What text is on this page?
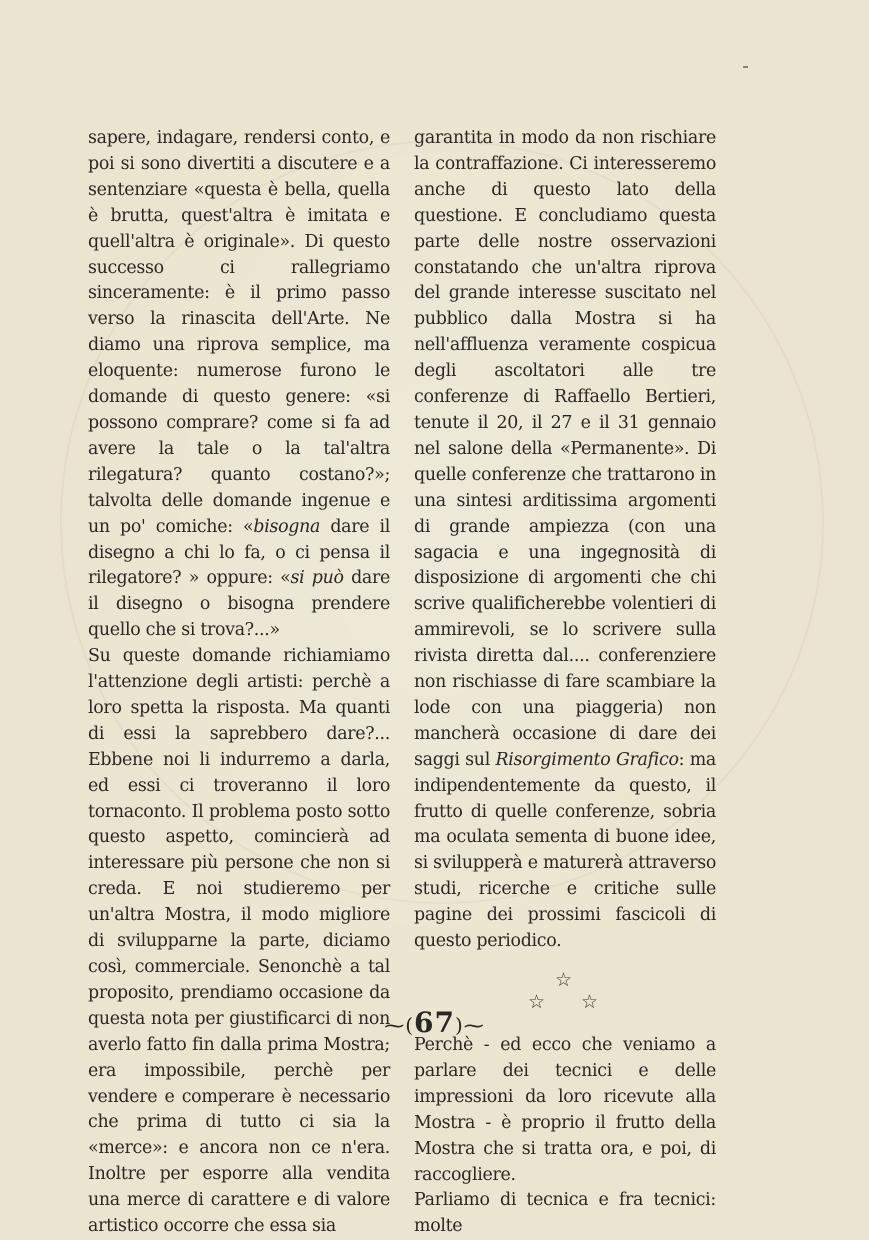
sapere, indagare, rendersi conto, e poi si sono divertiti a discutere e a sentenziare «questa è bella, quella è brutta, quest'altra è imitata e quell'altra è originale». Di questo successo ci rallegriamo sinceramente: è il primo passo verso la rinascita dell'Arte. Ne diamo una riprova semplice, ma eloquente: numerose furono le domande di questo genere: «si possono comprare? come si fa ad avere la tale o la tal'altra rilegatura? quanto costano?»; talvolta delle domande ingenue e un po' comiche: «bisogna dare il disegno a chi lo fa, o ci pensa il rilegatore? » oppure: «si può dare il disegno o bisogna prendere quello che si trova?...»

Su queste domande richiamiamo l'attenzione degli artisti: perchè a loro spetta la risposta. Ma quanti di essi la saprebbero dare?... Ebbene noi li indurremo a darla, ed essi ci troveranno il loro tornaconto. Il problema posto sotto questo aspetto, comincierà ad interessare più persone che non si creda. E noi studieremo per un'altra Mostra, il modo migliore di svilupparne la parte, diciamo così, commerciale. Senonchè a tal proposito, prendiamo occasione da questa nota per giustificarci di non averlo fatto fin dalla prima Mostra; era impossibile, perchè per vendere e comperare è necessario che prima di tutto ci sia la «merce»: e ancora non ce n'era. Inoltre per esporre alla vendita una merce di carattere e di valore artistico occorre che essa sia

garantita in modo da non rischiare la contraffazione. Ci interesseremo anche di questo lato della questione. E concludiamo questa parte delle nostre osservazioni constatando che un'altra riprova del grande interesse suscitato nel pubblico dalla Mostra si ha nell'affluenza veramente cospicua degli ascoltatori alle tre conferenze di Raffaello Bertieri, tenute il 20, il 27 e il 31 gennaio nel salone della «Permanente». Di quelle conferenze che trattarono in una sintesi arditissima argomenti di grande ampiezza (con una sagacia e una ingegnosità di disposizione di argomenti che chi scrive qualificherebbe volentieri di ammirevoli, se lo scrivere sulla rivista diretta dal.... conferenziere non rischiasse di fare scambiare la lode con una piaggeria) non mancherà occasione di dare dei saggi sul Risorgimento Grafico: ma indipendentemente da questo, il frutto di quelle conferenze, sobria ma oculata sementa di buone idee, si svilupperà e maturerà attraverso studi, ricerche e critiche sulle pagine dei prossimi fascicoli di questo periodico.

☆
☆ ☆

Perchè - ed ecco che veniamo a parlare dei tecnici e delle impressioni da loro ricevute alla Mostra - è proprio il frutto della Mostra che si tratta ora, e poi, di raccogliere.

Parliamo di tecnica e fra tecnici: molte

⁓(67)⁓
